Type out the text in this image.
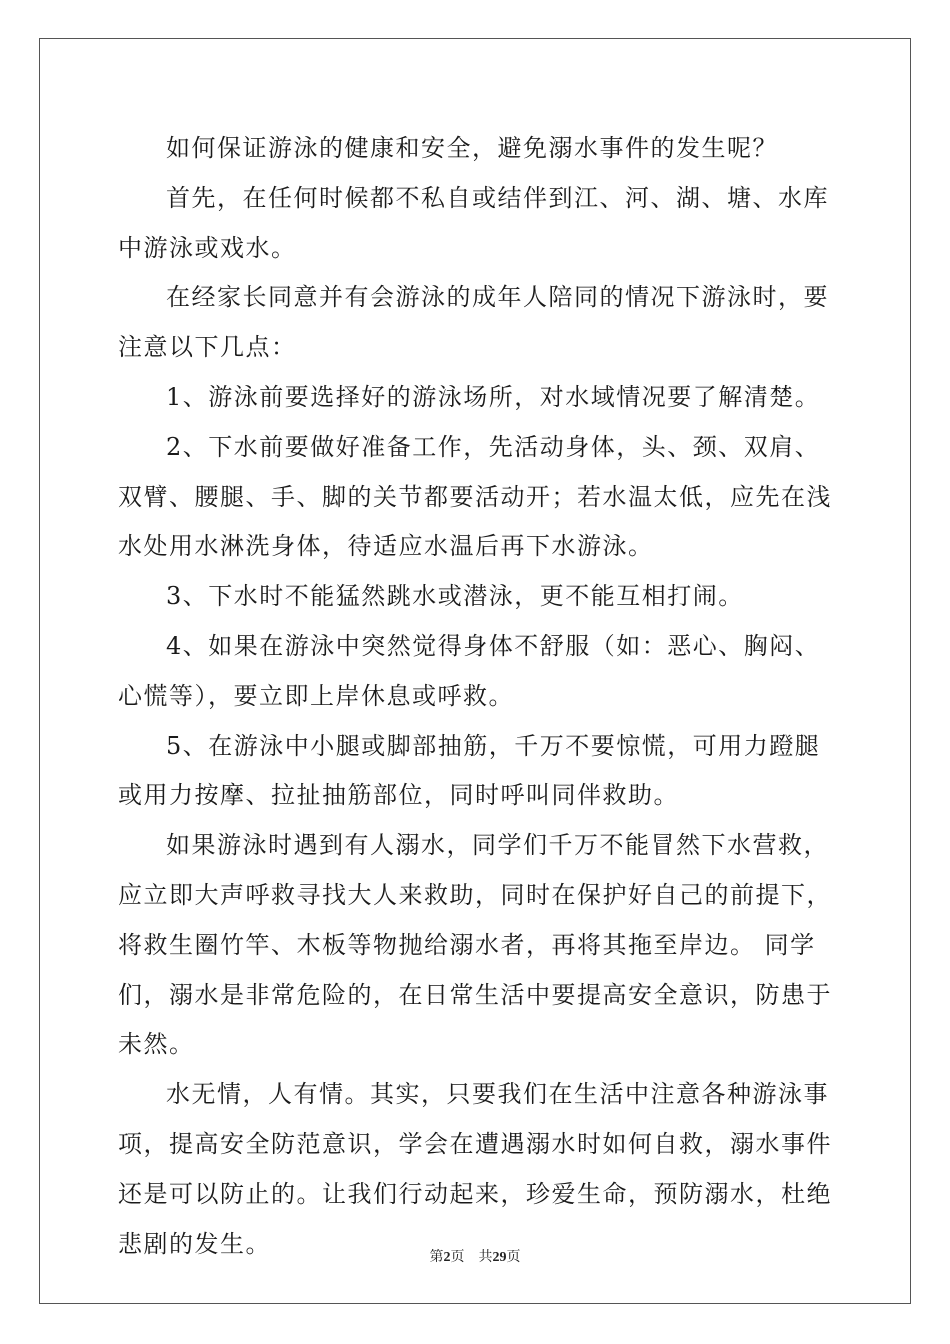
如何保证游泳的健康和安全，避免溺水事件的发生呢？

首先，在任何时候都不私自或结伴到江、河、湖、塘、水库中游泳或戏水。

在经家长同意并有会游泳的成年人陪同的情况下游泳时，要注意以下几点：

1、游泳前要选择好的游泳场所，对水域情况要了解清楚。

2、下水前要做好准备工作，先活动身体，头、颈、双肩、双臂、腰腿、手、脚的关节都要活动开；若水温太低，应先在浅水处用水淋洗身体，待适应水温后再下水游泳。

3、下水时不能猛然跳水或潜泳，更不能互相打闹。

4、如果在游泳中突然觉得身体不舒服（如：恶心、胸闷、心慌等），要立即上岸休息或呼救。

5、在游泳中小腿或脚部抽筋，千万不要惊慌，可用力蹬腿或用力按摩、拉扯抽筋部位，同时呼叫同伴救助。

如果游泳时遇到有人溺水，同学们千万不能冒然下水营救，应立即大声呼救寻找大人来救助，同时在保护好自己的前提下，将救生圈竹竿、木板等物抛给溺水者，再将其拖至岸边。 同学们，溺水是非常危险的，在日常生活中要提高安全意识，防患于未然。

水无情，人有情。其实，只要我们在生活中注意各种游泳事项，提高安全防范意识，学会在遭遇溺水时如何自救，溺水事件还是可以防止的。让我们行动起来，珍爱生命，预防溺水，杜绝悲剧的发生。	第2页 共29页
